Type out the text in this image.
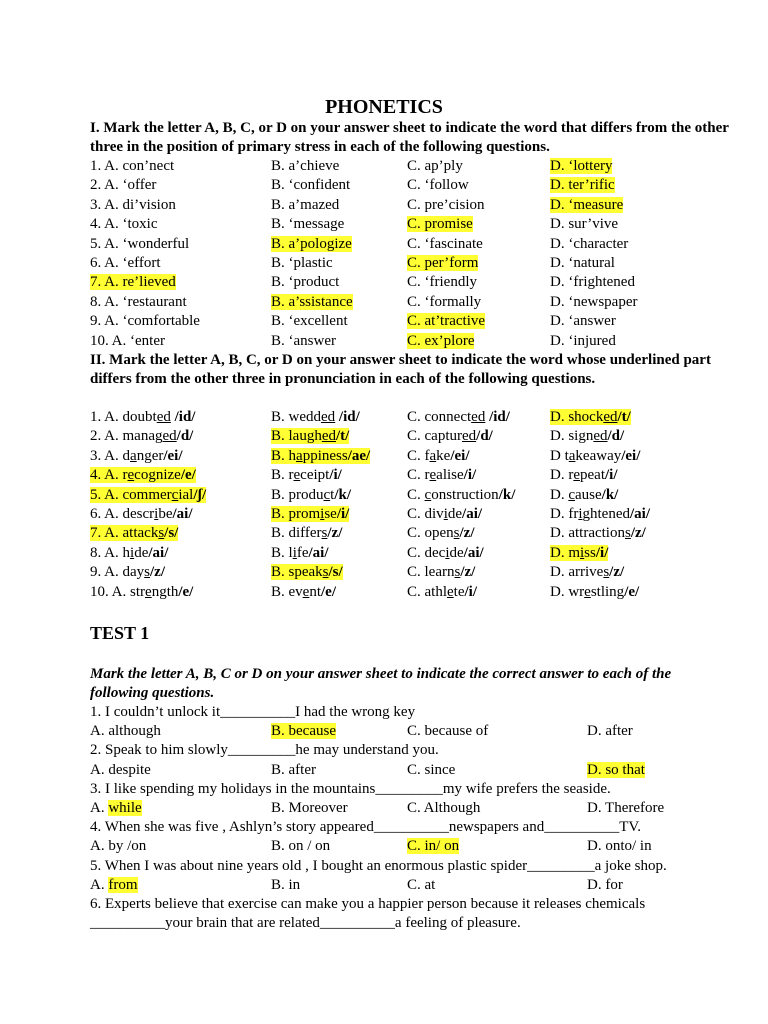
PHONETICS
I. Mark the letter A, B, C, or D on your answer sheet to indicate the word that differs from the other three in the position of primary stress in each of the following questions.
1. A. con’nect	B. a’chieve	C. ap’ply	D. ‘lottery
2. A. ‘offer	B. ‘confident	C. ‘follow	D. ter’rific
3. A. di’vision	B. a’mazed	C. pre’cision	D. ‘measure
4. A. ‘toxic	B. ‘message	C. promise	D. sur’vive
5. A. ‘wonderful	B. a’pologize	C. ‘fascinate	D. ‘character
6. A. ‘effort	B. ‘plastic	C. per’form	D. ‘natural
7. A. re’lieved	B. ‘product	C. ‘friendly	D. ‘frightened
8. A. ‘restaurant	B. a’ssistance	C. ‘formally	D. ‘newspaper
9. A. ‘comfortable	B. ‘excellent	C. at’tractive	D. ‘answer
10. A. ‘enter	B. ‘answer	C. ex’plore	D. ‘injured
II. Mark the letter A, B, C, or D on your answer sheet to indicate the word whose underlined part differs from the other three in pronunciation in each of the following questions.
1. A. doubted /id/	B. wedded /id/	C. connected /id/	D. shocked/t/
2. A. managed/d/	B. laughed/t/	C. captured/d/	D. signed/d/
3. A. danger/ei/	B. happiness/ae/ C. fake/ei/	D takeaway/ei/
4. A. recognize/e/	B. receipt/i/	C. realise/i/	D. repeat/i/
5. A. commercial/ʃ/	B. product/k/	C. construction/k/ D. cause/k/
6. A. describe/ai/	B. promise/i/	C. divide/ai/	D. frightened/ai/
7. A. attacks/s/	B. differs/z/	C. opens/z/	D. attractions/z/
8. A. hide/ai/	B. life/ai/	C. decide/ai/	D. miss/i/
9. A. days/z/	B. speaks/s/	C. learns/z/	D. arrives/z/
10. A. strength/e/	B. event/e/	C. athlete/i/	D. wrestling/e/
TEST 1
Mark the letter A, B, C or D on your answer sheet to indicate the correct answer to each of the following questions.
1. I couldn’t unlock it__________I had the wrong key
A. although	B. because	C. because of	D. after
2. Speak to him slowly_________he may understand you.
A. despite	B. after	C. since	D. so that
3. I like spending my holidays in the mountains_________my wife prefers the seaside.
A. while	B. Moreover	C. Although	D. Therefore
4. When she was five , Ashlyn’s story appeared__________newspapers and__________TV.
A. by /on	B. on / on	C. in/ on	D. onto/ in
5. When I was about nine years old , I bought an enormous plastic spider_________a joke shop.
A. from	B. in	C. at	D. for
6. Experts believe that exercise can make you a happier person because it releases chemicals
__________your brain that are related__________a feeling of pleasure.
